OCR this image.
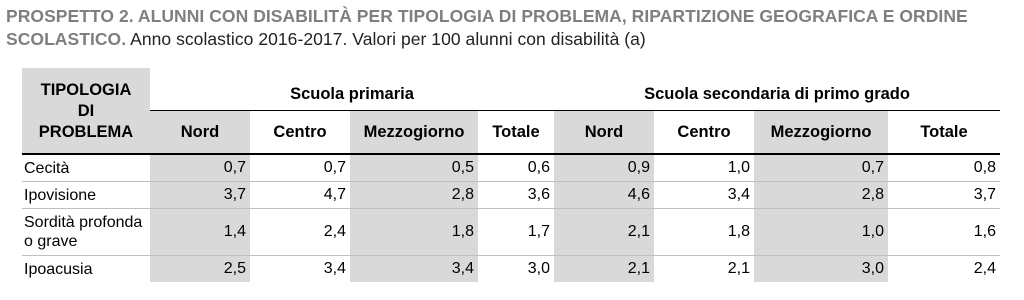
PROSPETTO 2. ALUNNI CON DISABILITÀ PER TIPOLOGIA DI PROBLEMA, RIPARTIZIONE GEOGRAFICA E ORDINE SCOLASTICO. Anno scolastico 2016-2017. Valori per 100 alunni con disabilità (a)
TIPOLOGIA
DI
PROBLEMA	Scuola primaria				Scuola secondaria di primo grado			
	Nord	Centro	Mezzogiorno	Totale	Nord	Centro	Mezzogiorno	Totale
Cecità	0,7	0,7	0,5	0,6	0,9	1,0	0,7	0,8
Ipovisione	3,7	4,7	2,8	3,6	4,6	3,4	2,8	3,7
Sordità profonda o grave	1,4	2,4	1,8	1,7	2,1	1,8	1,0	1,6
Ipoacusia	2,5	3,4	3,4	3,0	2,1	2,1	3,0	2,4
